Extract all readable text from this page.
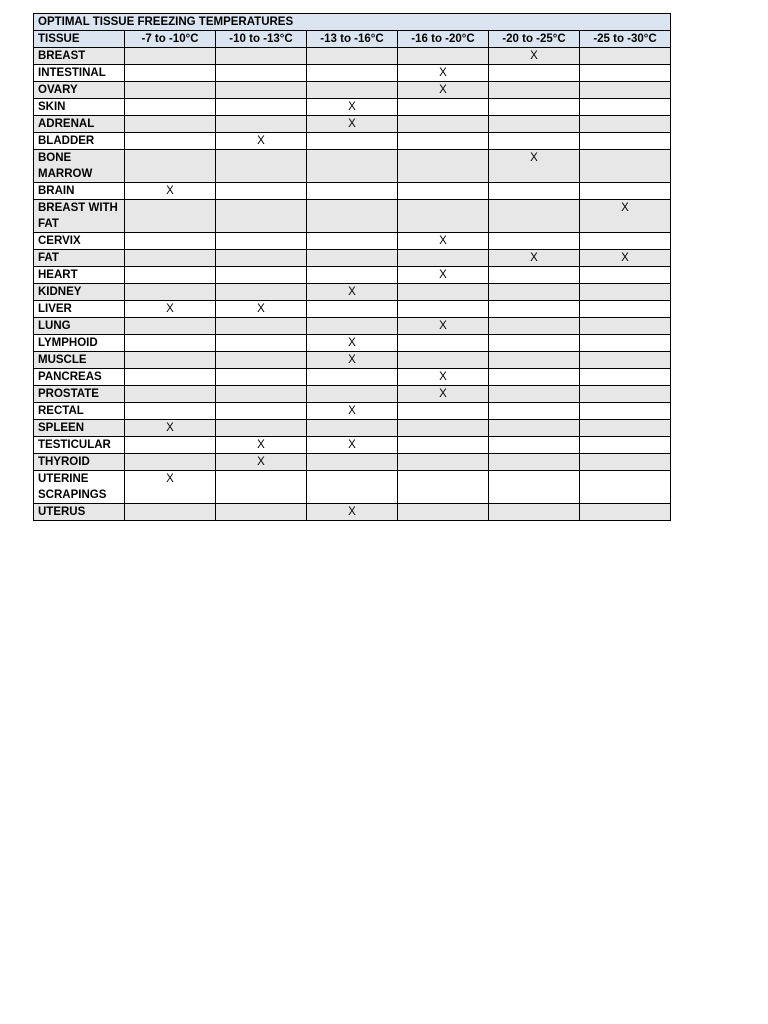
OPTIMAL TISSUE FREEZING TEMPERATURES						
TISSUE	-7 to -10°C	-10 to -13°C	-13 to -16°C	-16 to -20°C	-20 to -25°C	-25 to -30°C
BREAST					X	
INTESTINAL				X		
OVARY				X		
SKIN			X			
ADRENAL			X			
BLADDER		X				
BONE MARROW					X	
BRAIN	X					
BREAST WITH FAT						X
CERVIX				X		
FAT					X	X
HEART				X		
KIDNEY			X			
LIVER	X	X				
LUNG				X		
LYMPHOID			X			
MUSCLE			X			
PANCREAS				X		
PROSTATE				X		
RECTAL			X			
SPLEEN	X					
TESTICULAR		X	X			
THYROID		X				
UTERINE SCRAPINGS	X					
UTERUS			X			
